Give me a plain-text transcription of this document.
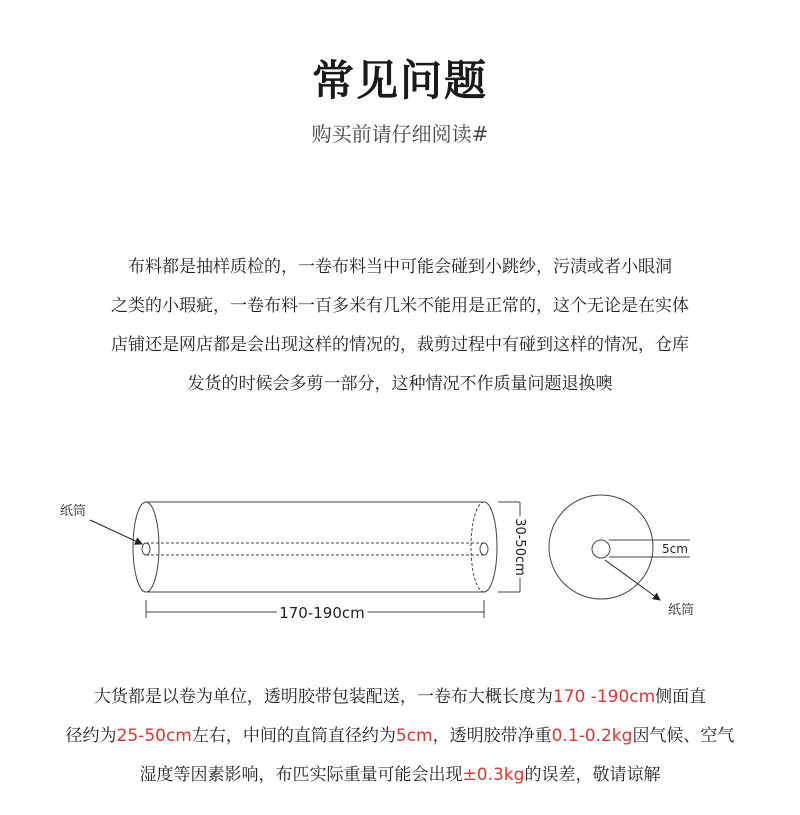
常见问题
购买前请仔细阅读#

布料都是抽样质检的，一卷布料当中可能会碰到小跳纱，污渍或者小眼洞

之类的小瑕疵，一卷布料一百多米有几米不能用是正常的，这个无论是在实体

店铺还是网店都是会出现这样的情况的，裁剪过程中有碰到这样的情况，仓库

发货的时候会多剪一部分，这种情况不作质量问题退换噢

纸筒
170-190cm
30-50cm	5cm
纸筒

大货都是以卷为单位，透明胶带包装配送，一卷布大概长度为170 -190cm侧面直

径约为25-50cm左右，中间的直筒直径约为5cm，透明胶带净重0.1-0.2kg因气候、空气

湿度等因素影响，布匹实际重量可能会出现±0.3kg的误差，敬请谅解
